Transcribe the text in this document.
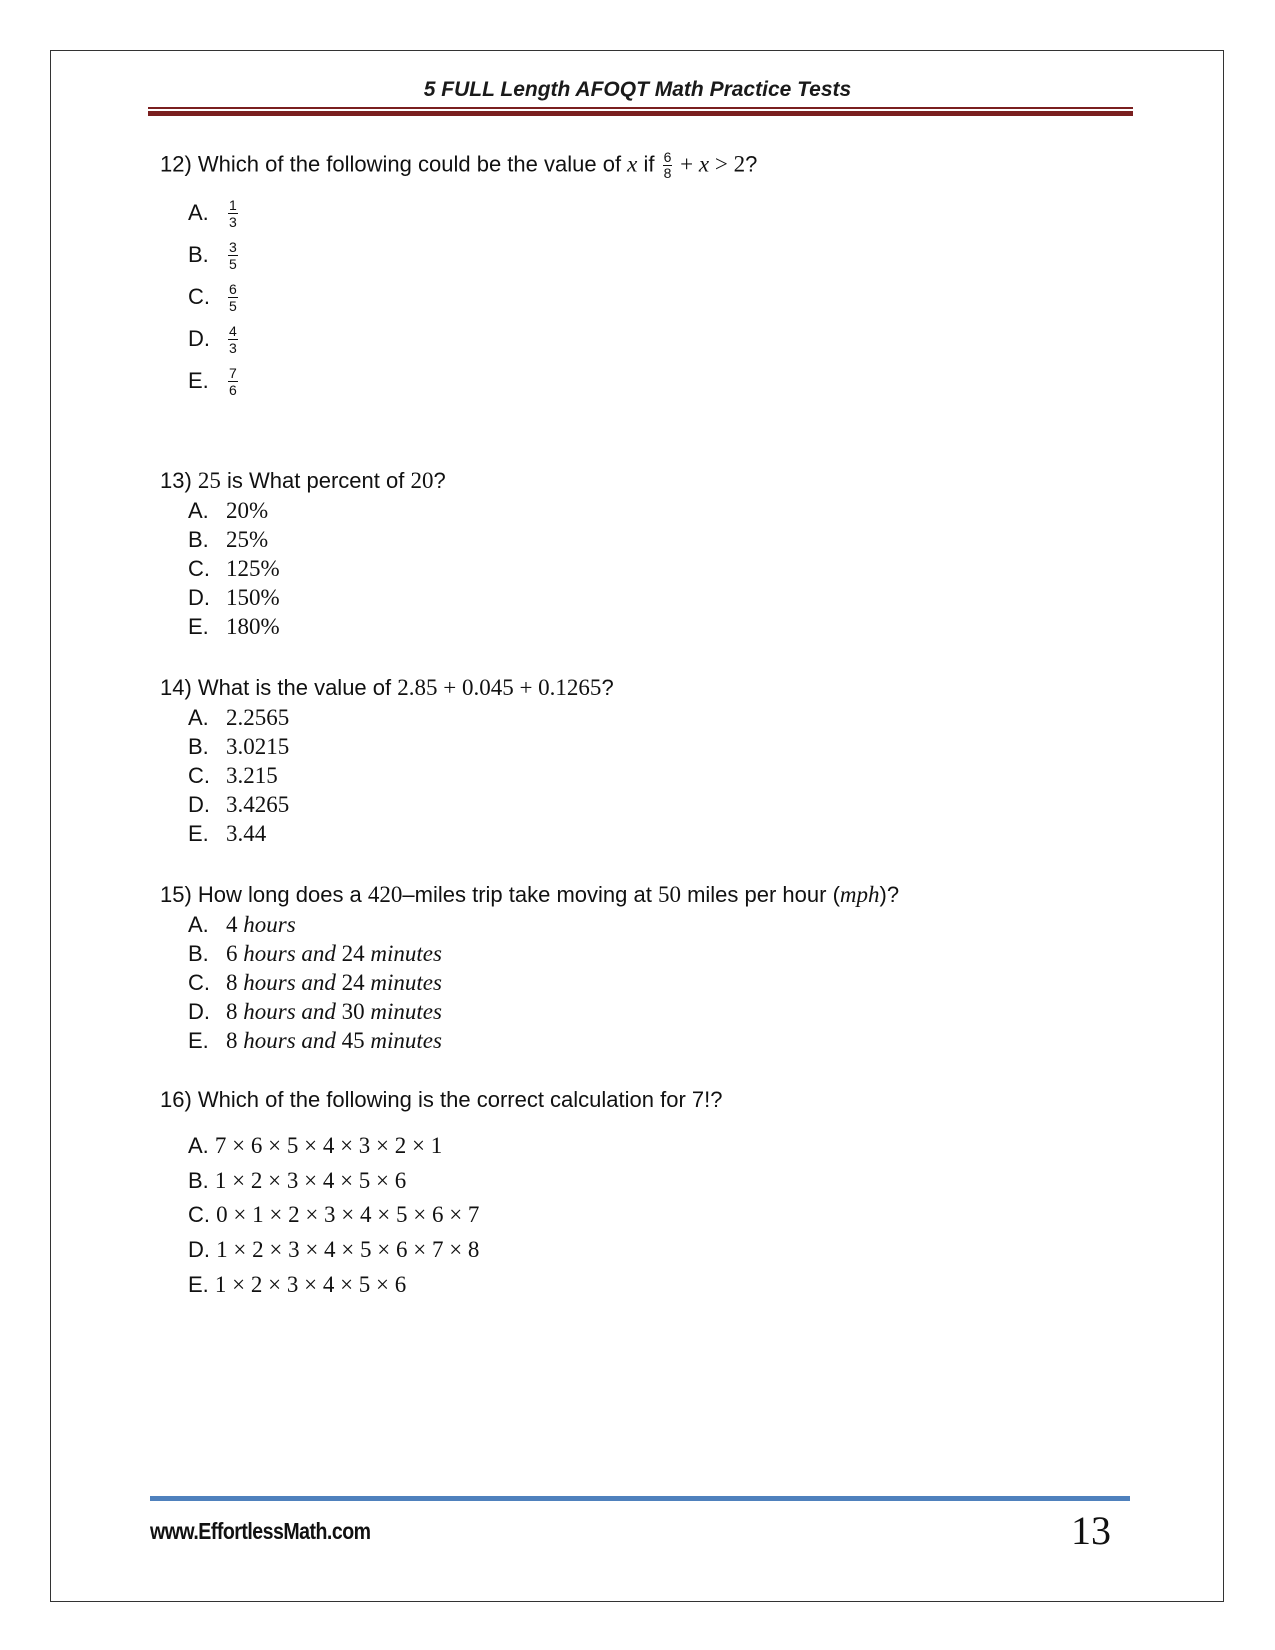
5 FULL Length AFOQT Math Practice Tests
12) Which of the following could be the value of x if $\frac{6}{8} + x > 2$?
A.	$\frac{1}{3}$
B.	$\frac{3}{5}$
C.	$\frac{6}{5}$
D.	$\frac{4}{3}$
E.	$\frac{7}{6}$
13) 25 is What percent of 20?
A. 20%
B. 25%
C. 125%
D. 150%
E. 180%
14) What is the value of 2.85 + 0.045 + 0.1265?
A. 2.2565
B. 3.0215
C. 3.215
D. 3.4265
E. 3.44
15) How long does a 420–miles trip take moving at 50 miles per hour (mph)?
A. 4 hours
B. 6 hours and 24 minutes
C. 8 hours and 24 minutes
D. 8 hours and 30 minutes
E. 8 hours and 45 minutes
16) Which of the following is the correct calculation for 7!?
A. 7 × 6 × 5 × 4 × 3 × 2 × 1
B. 1 × 2 × 3 × 4 × 5 × 6
C. 0 × 1 × 2 × 3 × 4 × 5 × 6 × 7
D. 1 × 2 × 3 × 4 × 5 × 6 × 7 × 8
E. 1 × 2 × 3 × 4 × 5 × 6
www.EffortlessMath.com	13
